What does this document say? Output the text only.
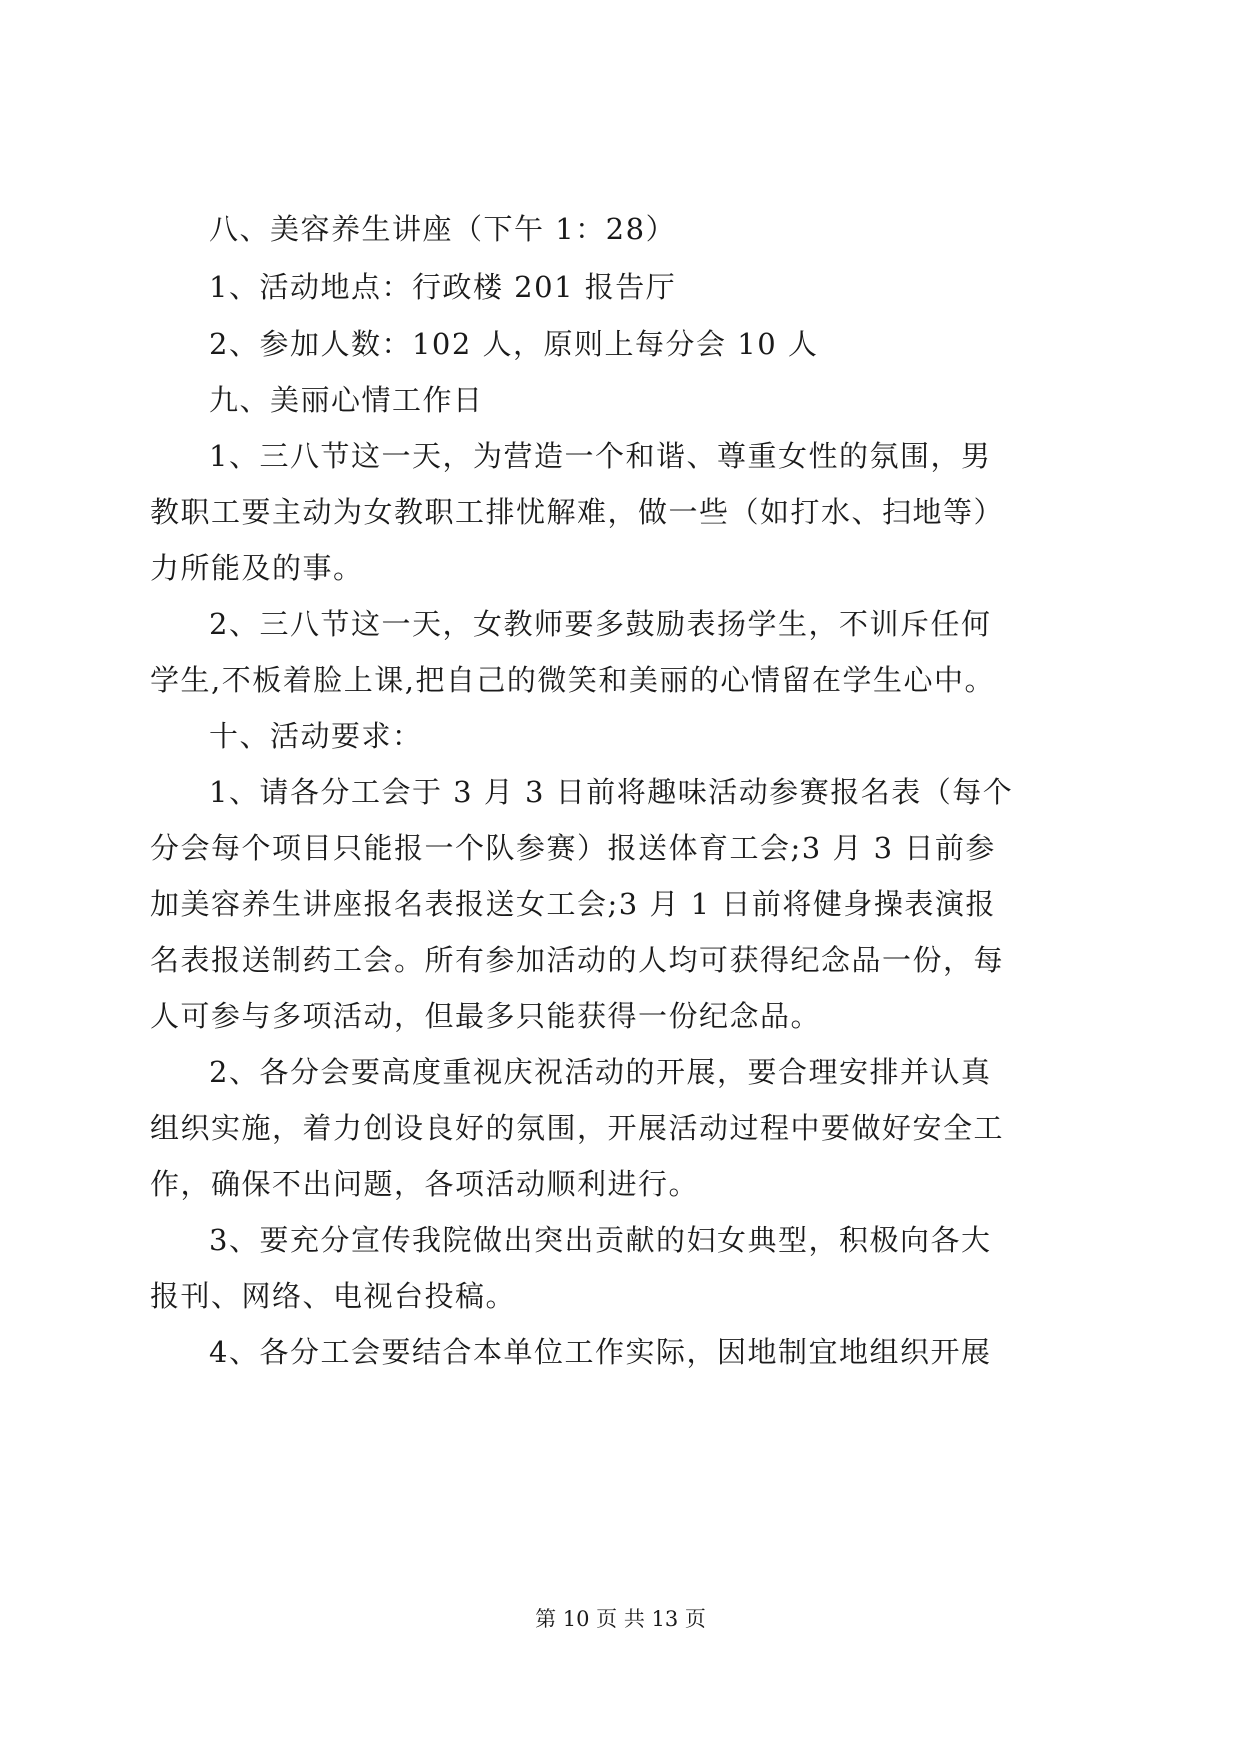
八、美容养生讲座（下午 1：28）
1、活动地点：行政楼 201 报告厅
2、参加人数：102 人，原则上每分会 10 人
九、美丽心情工作日
1、三八节这一天，为营造一个和谐、尊重女性的氛围，男
教职工要主动为女教职工排忧解难，做一些（如打水、扫地等）
力所能及的事。
2、三八节这一天，女教师要多鼓励表扬学生，不训斥任何
学生,不板着脸上课,把自己的微笑和美丽的心情留在学生心中。
十、活动要求：
1、请各分工会于 3 月 3 日前将趣味活动参赛报名表（每个
分会每个项目只能报一个队参赛）报送体育工会;3 月 3 日前参
加美容养生讲座报名表报送女工会;3 月 1 日前将健身操表演报
名表报送制药工会。所有参加活动的人均可获得纪念品一份，每
人可参与多项活动，但最多只能获得一份纪念品。
2、各分会要高度重视庆祝活动的开展，要合理安排并认真
组织实施，着力创设良好的氛围，开展活动过程中要做好安全工
作，确保不出问题，各项活动顺利进行。
3、要充分宣传我院做出突出贡献的妇女典型，积极向各大
报刊、网络、电视台投稿。
4、各分工会要结合本单位工作实际，因地制宜地组织开展
第 10 页 共 13 页
